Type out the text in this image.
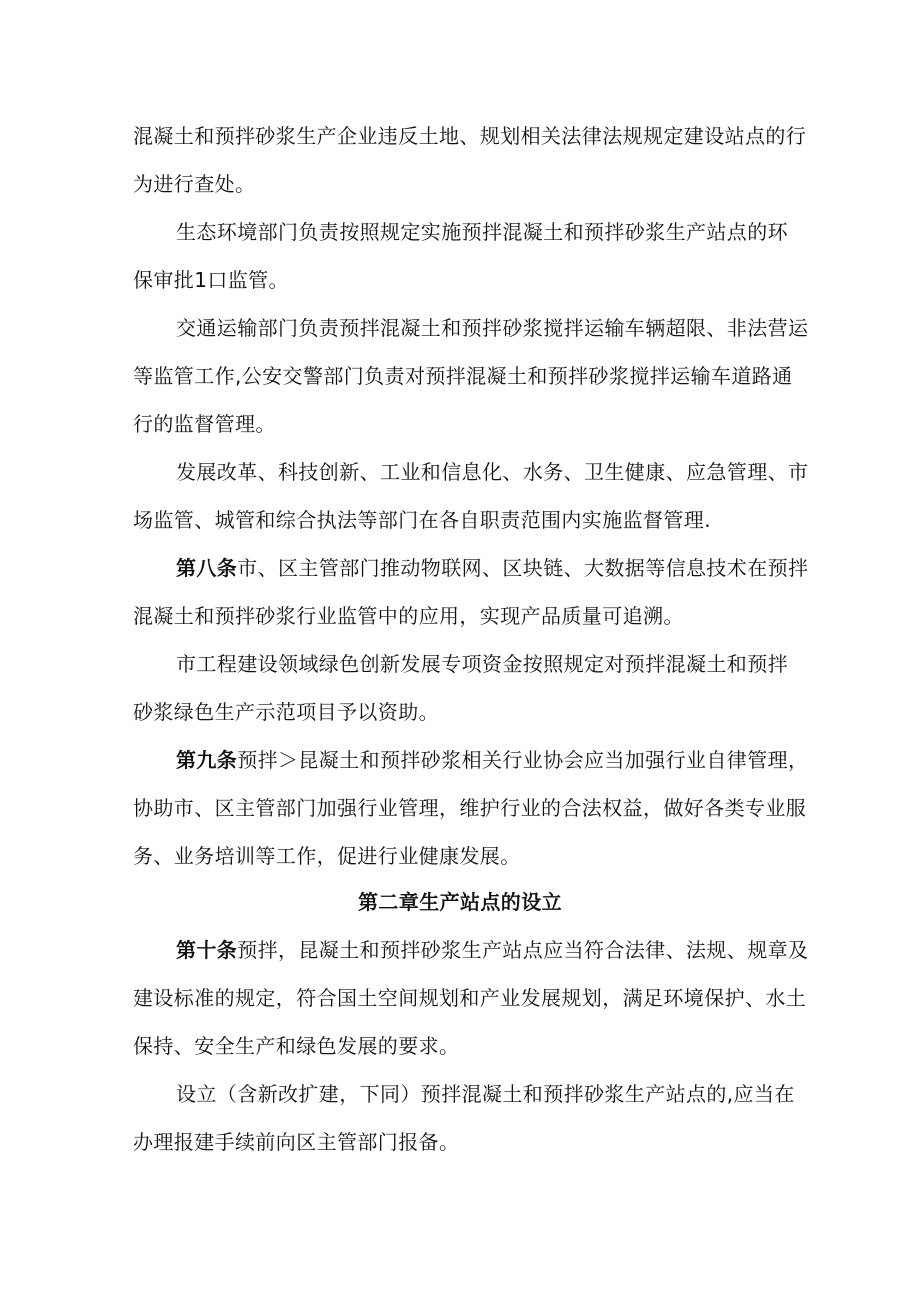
混凝土和预拌砂浆生产企业违反土地、规划相关法律法规规定建设站点的行
为进行查处。
生态环境部门负责按照规定实施预拌混凝土和预拌砂浆生产站点的环
保审批1口监管。
交通运输部门负责预拌混凝土和预拌砂浆搅拌运输车辆超限、非法营运
等监管工作,公安交警部门负责对预拌混凝土和预拌砂浆搅拌运输车道路通
行的监督管理。
发展改革、科技创新、工业和信息化、水务、卫生健康、应急管理、市
场监管、城管和综合执法等部门在各自职责范围内实施监督管理.
第八条市、区主管部门推动物联网、区块链、大数据等信息技术在预拌
混凝土和预拌砂浆行业监管中的应用，实现产品质量可追溯。
市工程建设领域绿色创新发展专项资金按照规定对预拌混凝土和预拌
砂浆绿色生产示范项目予以资助。
第九条预拌＞昆凝土和预拌砂浆相关行业协会应当加强行业自律管理，
协助市、区主管部门加强行业管理，维护行业的合法权益，做好各类专业服
务、业务培训等工作，促进行业健康发展。
第二章生产站点的设立
第十条预拌，昆凝土和预拌砂浆生产站点应当符合法律、法规、规章及
建设标准的规定，符合国土空间规划和产业发展规划，满足环境保护、水土
保持、安全生产和绿色发展的要求。
设立（含新改扩建，下同）预拌混凝土和预拌砂浆生产站点的,应当在
办理报建手续前向区主管部门报备。
